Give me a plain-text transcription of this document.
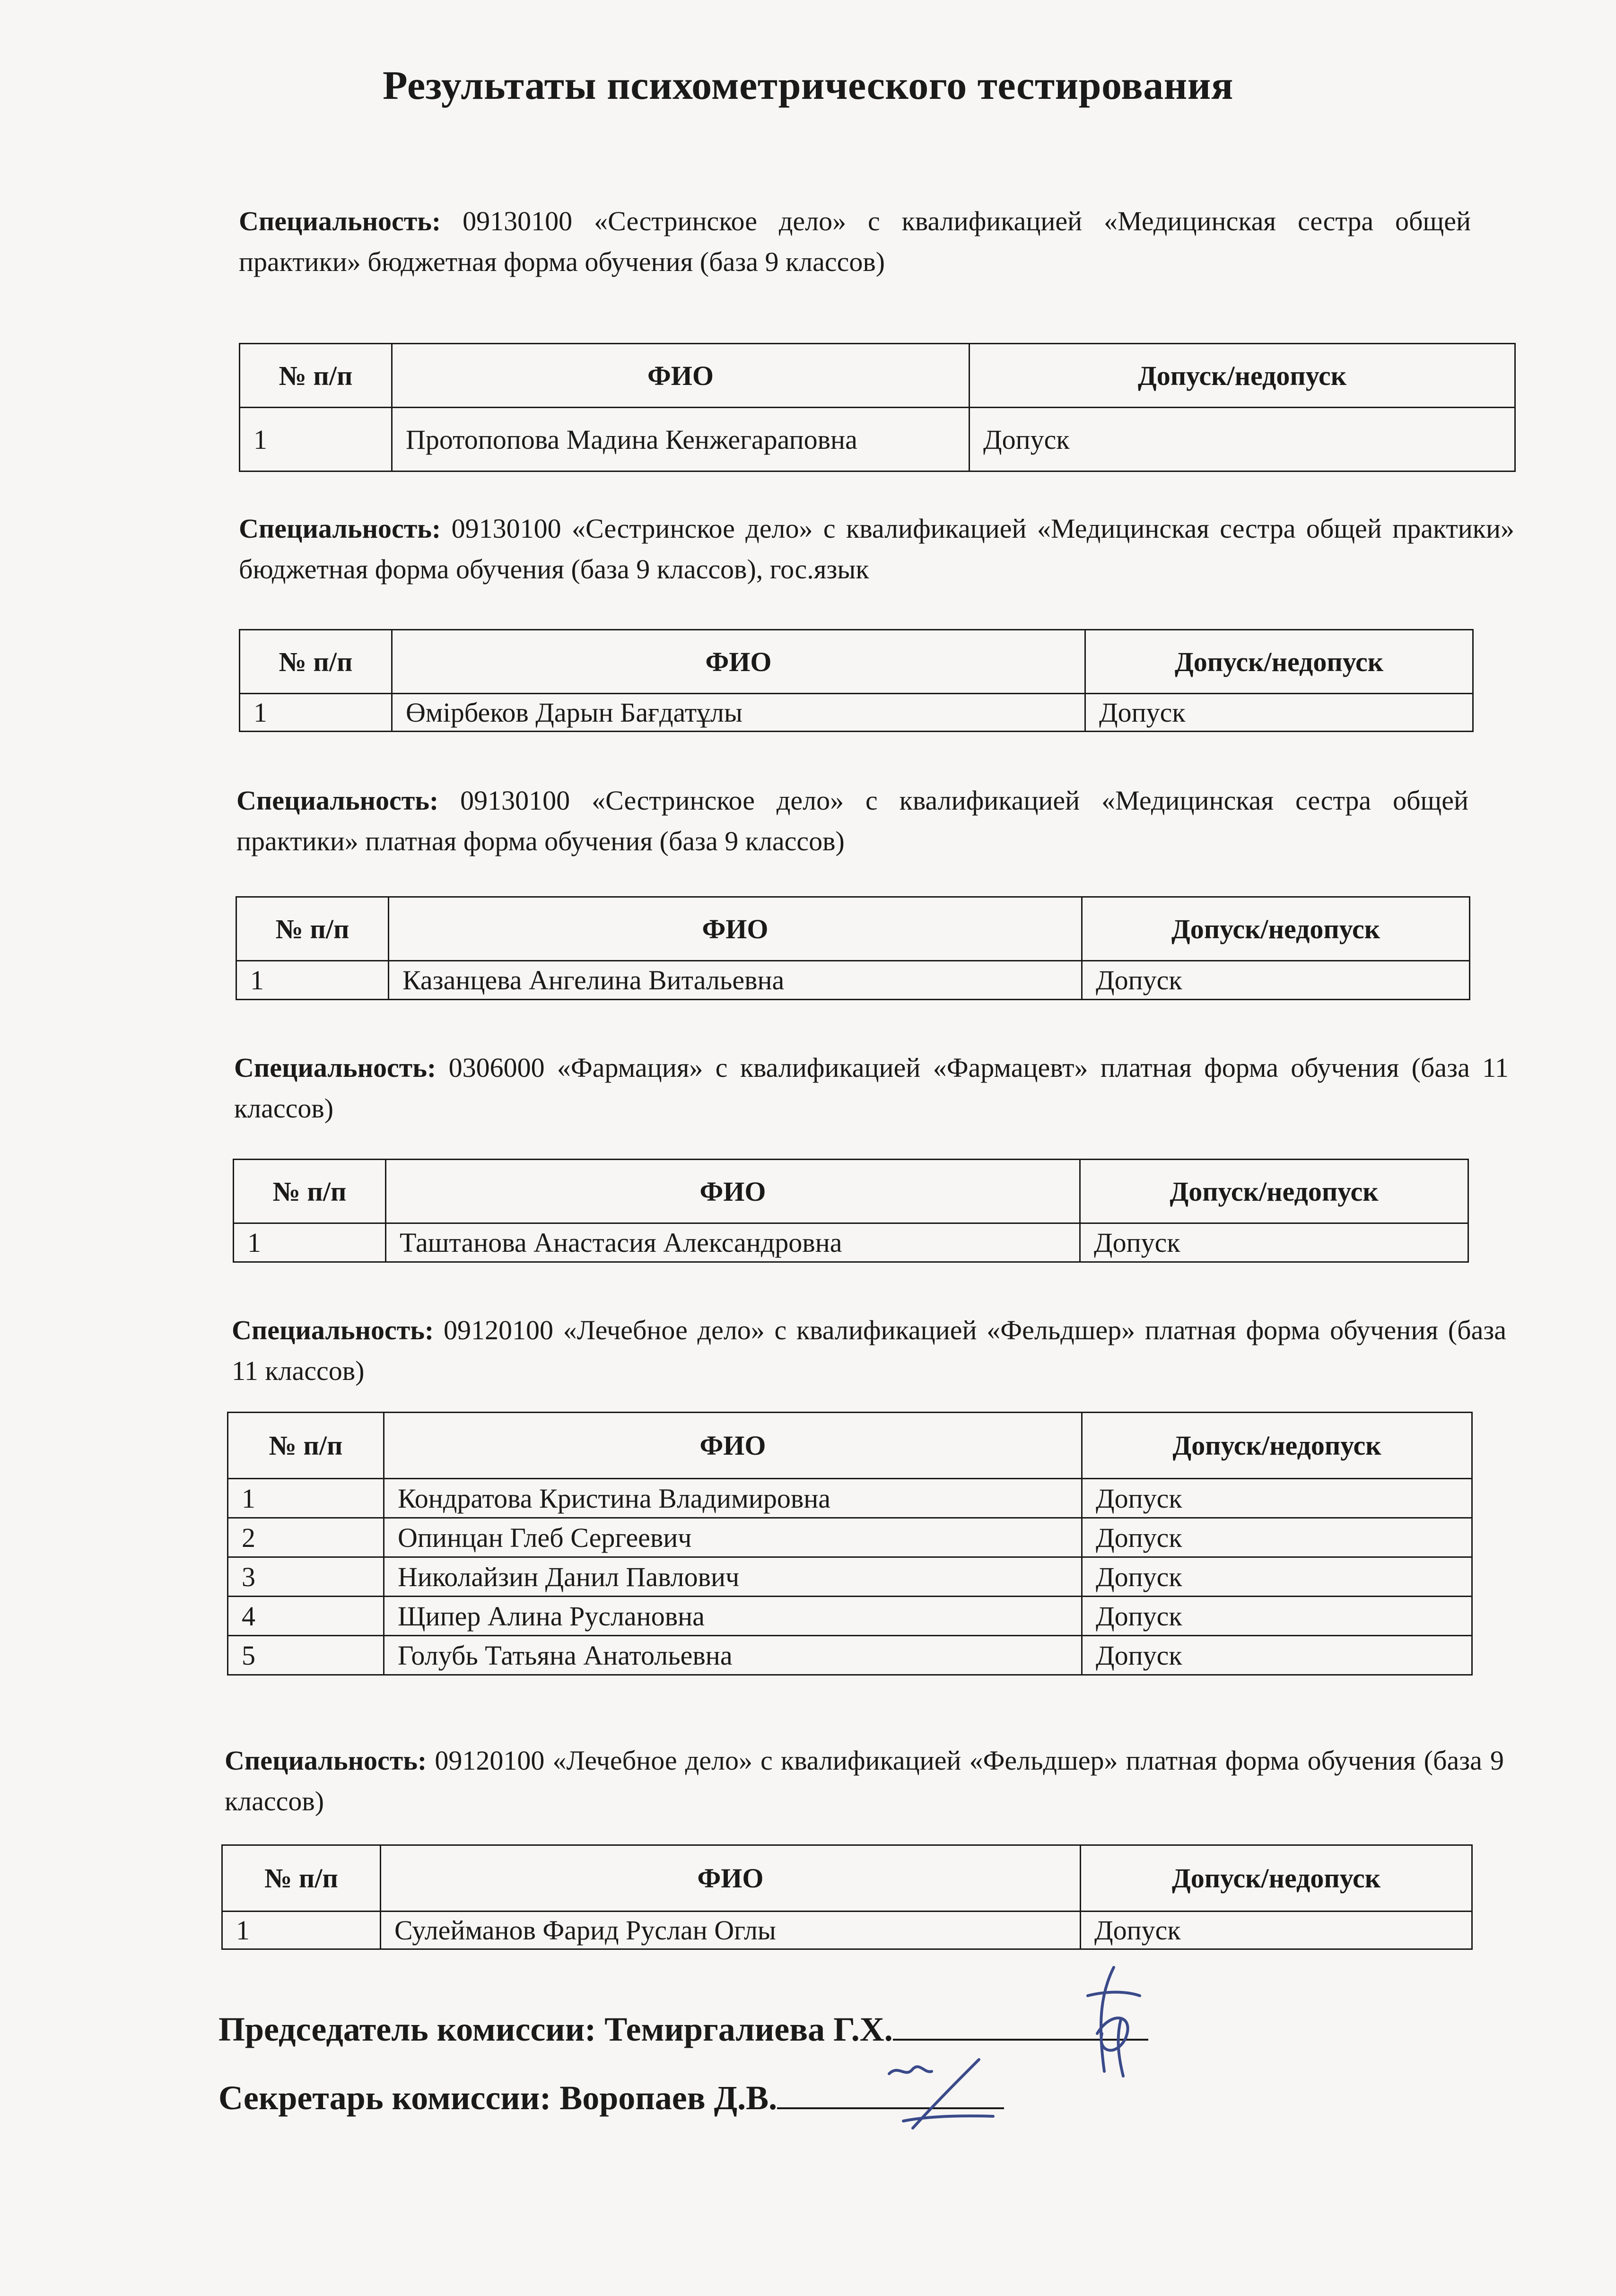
Результаты психометрического тестирования
Специальность: 09130100 «Сестринское дело» с квалификацией «Медицинская сестра общей практики» бюджетная форма обучения (база 9 классов)
№ п/п	ФИО	Допуск/недопуск
1	Протопопова Мадина Кенжегараповна	Допуск
Специальность: 09130100 «Сестринское дело» с квалификацией «Медицинская сестра общей практики» бюджетная форма обучения (база 9 классов), гос.язык
№ п/п	ФИО	Допуск/недопуск
1	Өмірбеков Дарын Бағдатұлы	Допуск
Специальность: 09130100 «Сестринское дело» с квалификацией «Медицинская сестра общей практики» платная форма обучения (база 9 классов)
№ п/п	ФИО	Допуск/недопуск
1	Казанцева Ангелина Витальевна	Допуск
Специальность: 0306000 «Фармация» с квалификацией «Фармацевт» платная форма обучения (база 11 классов)
№ п/п	ФИО	Допуск/недопуск
1	Таштанова Анастасия Александровна	Допуск
Специальность: 09120100 «Лечебное дело» с квалификацией «Фельдшер» платная форма обучения (база 11 классов)
№ п/п	ФИО	Допуск/недопуск
1	Кондратова Кристина Владимировна	Допуск
2	Опинцан Глеб Сергеевич	Допуск
3	Николайзин Данил Павлович	Допуск
4	Щипер Алина Руслановна	Допуск
5	Голубь Татьяна Анатольевна	Допуск
Специальность: 09120100 «Лечебное дело» с квалификацией «Фельдшер» платная форма обучения (база 9 классов)
№ п/п	ФИО	Допуск/недопуск
1	Сулейманов Фарид Руслан Оглы	Допуск
Председатель комиссии: Темиргалиева Г.Х.
Секретарь комиссии: Воропаев Д.В.
